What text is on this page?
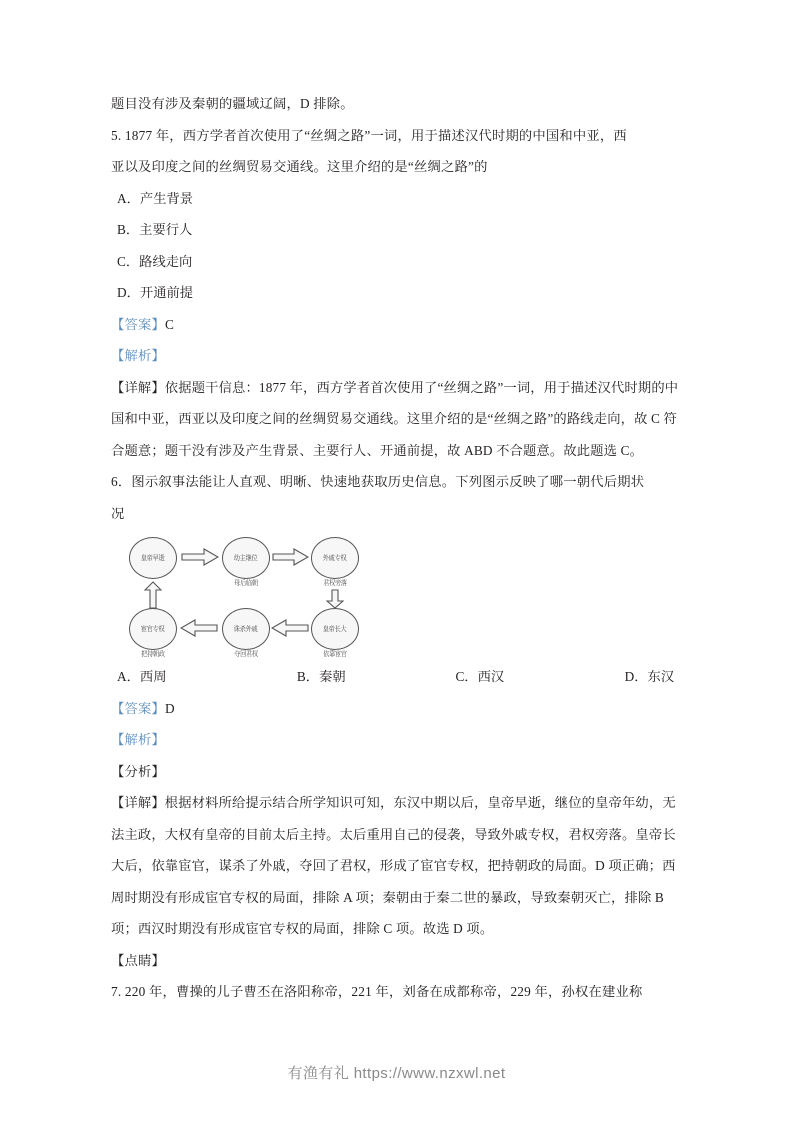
题目没有涉及秦朝的疆域辽阔，D 排除。
5. 1877 年，西方学者首次使用了“丝绸之路”一词，用于描述汉代时期的中国和中亚，西
亚以及印度之间的丝绸贸易交通线。这里介绍的是“丝绸之路”的
A．产生背景
B．主要行人
C．路线走向
D．开通前提
【答案】C
【解析】
【详解】依据题干信息：1877 年，西方学者首次使用了“丝绸之路”一词，用于描述汉代时期的中国和中亚，西亚以及印度之间的丝绸贸易交通线。这里介绍的是“丝绸之路”的路线走向，故 C 符合题意；题干没有涉及产生背景、主要行人、开通前提，故 ABD 不合题意。故此题选 C。
6．图示叙事法能让人直观、明晰、快速地获取历史信息。下列图示反映了哪一朝代后期状
况
皇帝早逝	幼主继位	外戚专权
母后临朝	君权旁落
宦官专权	诛杀外戚	皇帝长大
把持朝政	夺回君权	依靠宦官
A．西周	B．秦朝	C．西汉	D．东汉
【答案】D
【解析】
【分析】
【详解】根据材料所给提示结合所学知识可知，东汉中期以后，皇帝早逝，继位的皇帝年幼，无法主政，大权有皇帝的目前太后主持。太后重用自己的侵袭，导致外戚专权，君权旁落。皇帝长大后，依靠宦官，谋杀了外戚，夺回了君权，形成了宦官专权，把持朝政的局面。D 项正确；西周时期没有形成宦官专权的局面，排除 A 项；秦朝由于秦二世的暴政，导致秦朝灭亡，排除 B 项；西汉时期没有形成宦官专权的局面，排除 C 项。故选 D 项。
【点睛】
7. 220 年，曹操的儿子曹丕在洛阳称帝，221 年，刘备在成都称帝，229 年，孙权在建业称
有渔有礼 https://www.nzxwl.net
